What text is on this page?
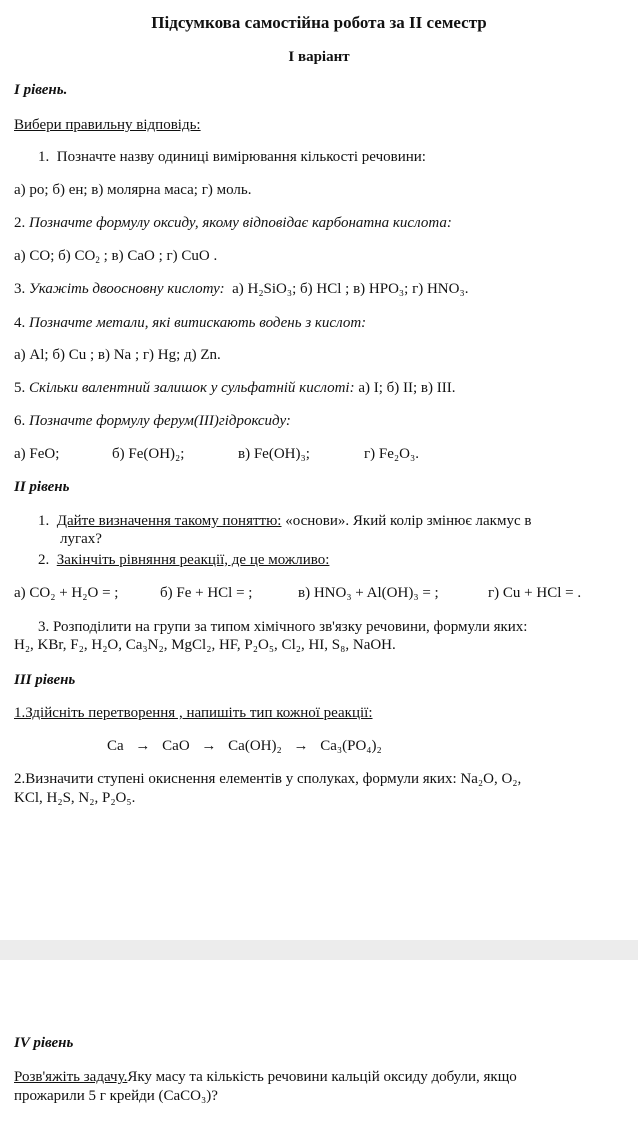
Підсумкова самостійна робота за II семестр
I варіант
I рівень.
Вибери правильну відповідь:
1. Позначте назву одиниці вимірювання кількості речовини:
а) ро; б) ен; в) молярна маса; г) моль.
2. Позначте формулу оксиду, якому відповідає карбонатна кислота:
а) CO; б) $CO_2$ ; в) CaO ; г) CuO .
3. Укажіть двоосновну кислоту: а) H₂SiO₃; б) HCl ; в) HPO₃; г) HNO₃.
4. Позначте метали, які витискають водень з кислот:
а) Al; б) Cu ; в) Na ; г) Hg; д) Zn.
5. Скільки валентний залишок у сульфатній кислоті: а) I; б) II; в) III.
6. Позначте формулу ферум(III)гідроксиду:
а) FeO;	б) Fe(OH)₂;	в) Fe(OH)₃;	г) Fe₂O₃.
II рівень
1. Дайте визначення такому поняттю: «основи». Який колір змінює лакмус в
лугах?
2. Закінчіть рівняння реакції, де це можливо:
а) CO₂ + H₂O = ;	б) Fe + HCl = ;	в) HNO₃ + Al(OH)₃ = ;	г) Cu + HCl = .
3. Розподілити на групи за типом хімічного зв'язку речовини, формули яких:
H₂, KBr, F₂, H₂O, Ca₃N₂, MgCl₂, HF, P₂O₅, Cl₂, HI, S₈, NaOH.
III рівень
1.Здійсніть перетворення , напишіть тип кожної реакції:
Ca → CaO → Ca(OH)₂ → Ca₃(PO₄)₂
2.Визначити ступені окиснення елементів у сполуках, формули яких: Na₂O, O₂,
KCl, H₂S, N₂, P₂O₅.
IV рівень
Розв'яжіть задачу.Яку масу та кількість речовини кальцій оксиду добули, якщо
прожарили 5 г крейди (CaCO₃)?
